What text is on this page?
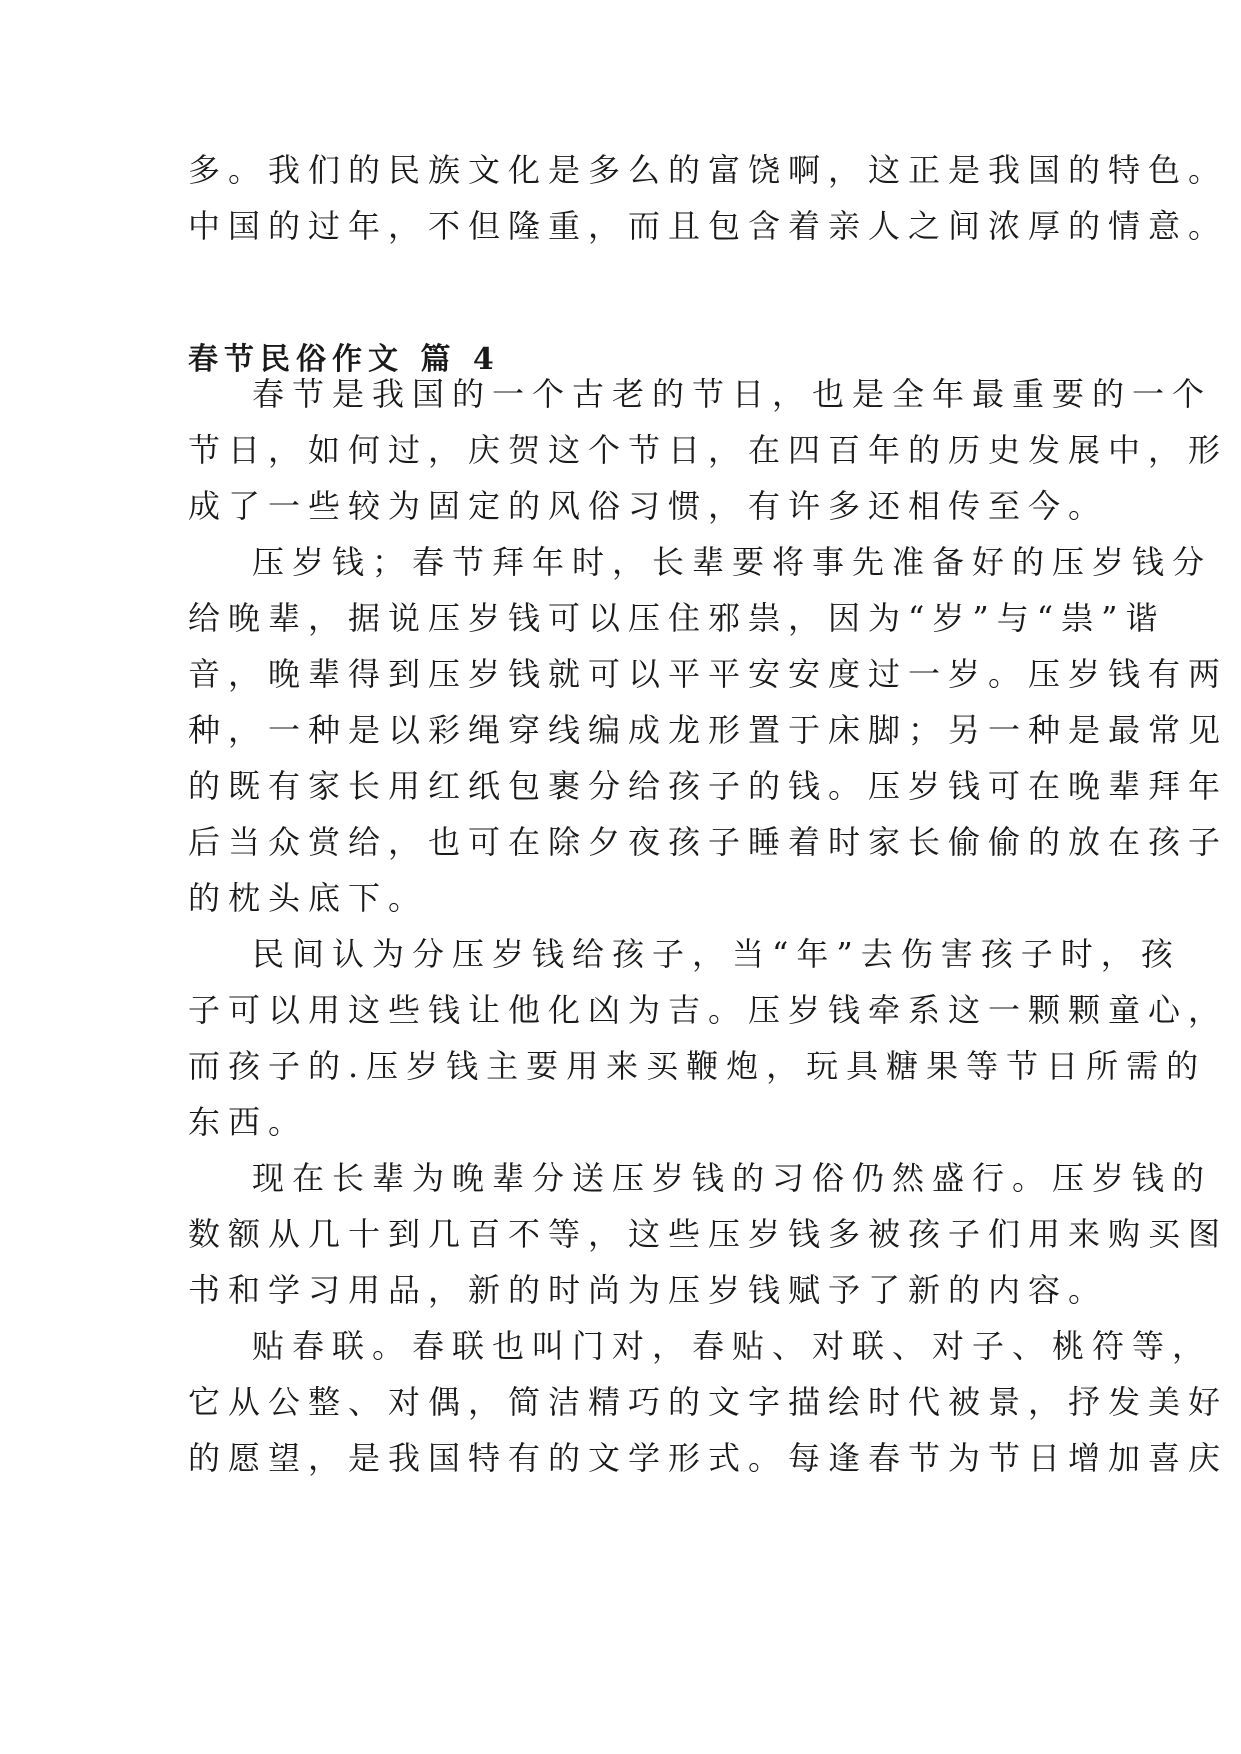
多。我们的民族文化是多么的富饶啊，这正是我国的特色。

中国的过年，不但隆重，而且包含着亲人之间浓厚的情意。

春节民俗作文 篇 4

春节是我国的一个古老的节日，也是全年最重要的一个

节日，如何过，庆贺这个节日，在四百年的历史发展中，形

成了一些较为固定的风俗习惯，有许多还相传至今。

压岁钱；春节拜年时，长辈要将事先准备好的压岁钱分

给晚辈，据说压岁钱可以压住邪祟，因为“岁”与“祟”谐

音，晚辈得到压岁钱就可以平平安安度过一岁。压岁钱有两

种，一种是以彩绳穿线编成龙形置于床脚；另一种是最常见

的既有家长用红纸包裹分给孩子的钱。压岁钱可在晚辈拜年

后当众赏给，也可在除夕夜孩子睡着时家长偷偷的放在孩子

的枕头底下。

民间认为分压岁钱给孩子，当“年”去伤害孩子时，孩

子可以用这些钱让他化凶为吉。压岁钱牵系这一颗颗童心，

而孩子的.压岁钱主要用来买鞭炮，玩具糖果等节日所需的

东西。

现在长辈为晚辈分送压岁钱的习俗仍然盛行。压岁钱的

数额从几十到几百不等，这些压岁钱多被孩子们用来购买图

书和学习用品，新的时尚为压岁钱赋予了新的内容。

贴春联。春联也叫门对，春贴、对联、对子、桃符等，

它从公整、对偶，简洁精巧的文字描绘时代被景，抒发美好

的愿望，是我国特有的文学形式。每逢春节为节日增加喜庆
